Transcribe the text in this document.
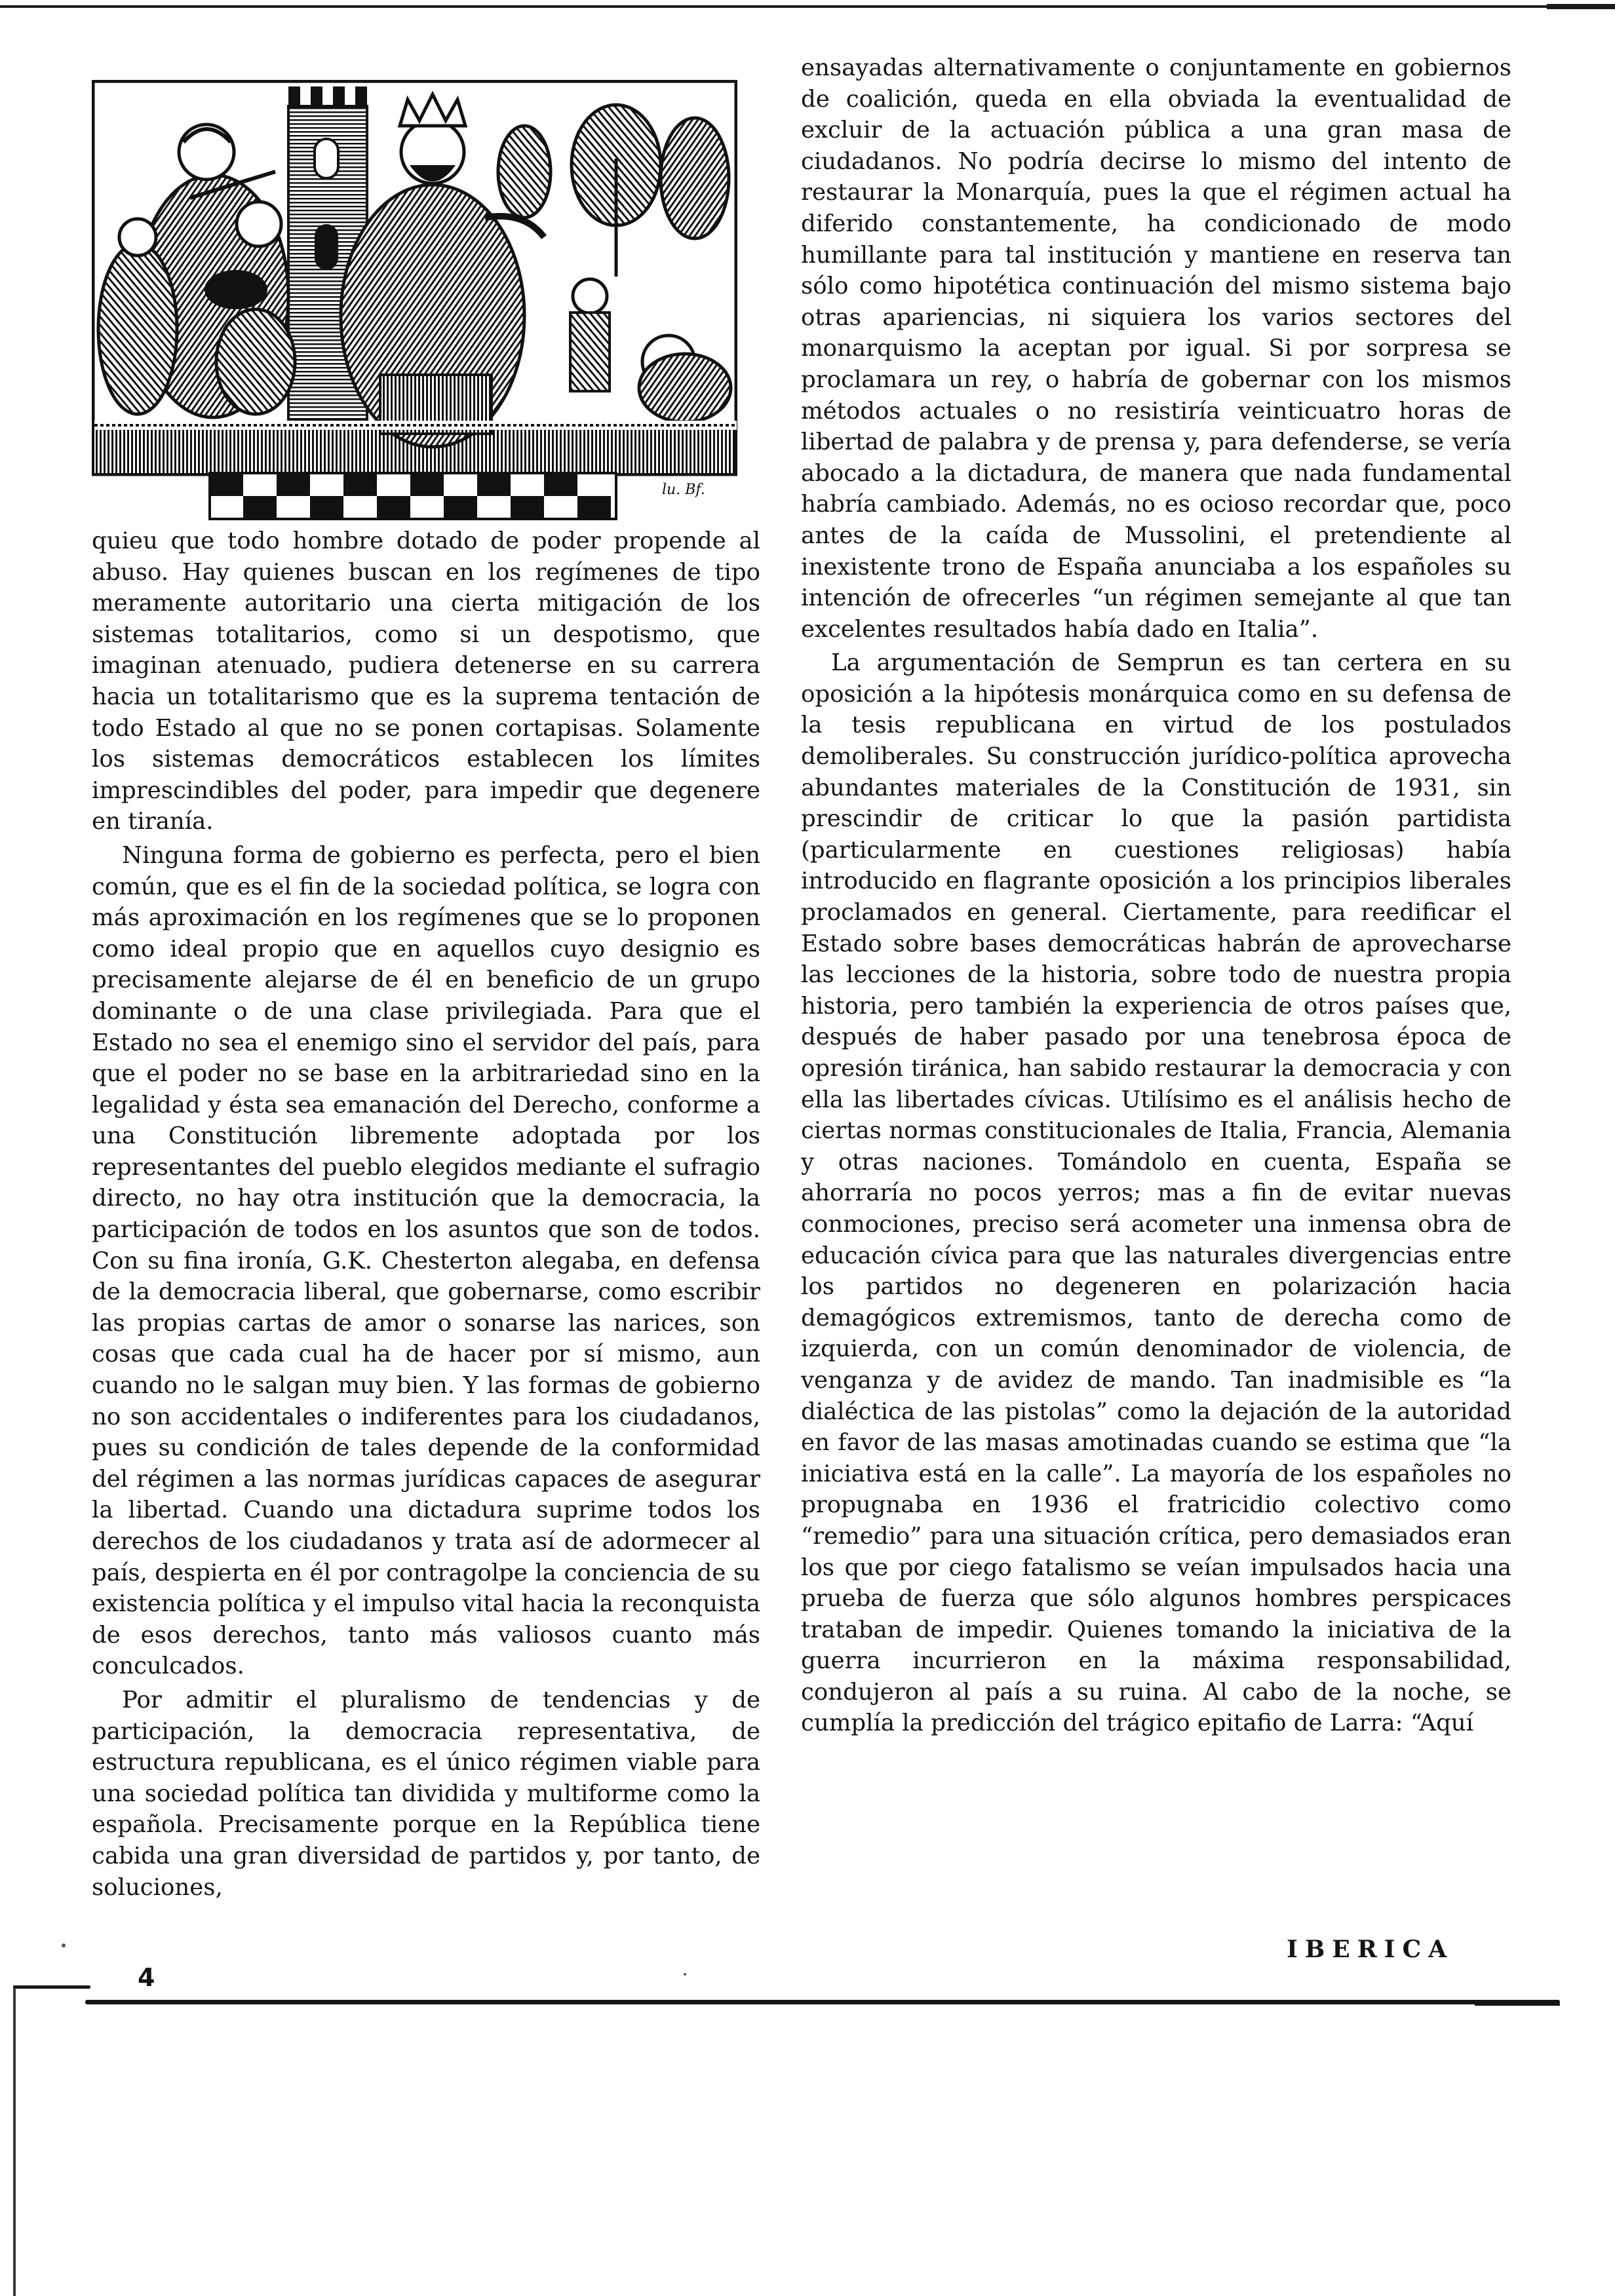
lu. Bf.

quieu que todo hombre dotado de poder propende al abuso. Hay quienes buscan en los regímenes de tipo meramente autoritario una cierta mitigación de los sistemas totalitarios, como si un despotismo, que imaginan atenuado, pudiera detenerse en su carrera hacia un totalitarismo que es la suprema tentación de todo Estado al que no se ponen cortapisas. Solamente los sistemas democráticos establecen los límites imprescindibles del poder, para impedir que degenere en tiranía.

Ninguna forma de gobierno es perfecta, pero el bien común, que es el fin de la sociedad política, se logra con más aproximación en los regímenes que se lo proponen como ideal propio que en aquellos cuyo designio es precisamente alejarse de él en beneficio de un grupo dominante o de una clase privilegiada. Para que el Estado no sea el enemigo sino el servidor del país, para que el poder no se base en la arbitrariedad sino en la legalidad y ésta sea emanación del Derecho, conforme a una Constitución libremente adoptada por los representantes del pueblo elegidos mediante el sufragio directo, no hay otra institución que la democracia, la participación de todos en los asuntos que son de todos. Con su fina ironía, G.K. Chesterton alegaba, en defensa de la democracia liberal, que gobernarse, como escribir las propias cartas de amor o sonarse las narices, son cosas que cada cual ha de hacer por sí mismo, aun cuando no le salgan muy bien. Y las formas de gobierno no son accidentales o indiferentes para los ciudadanos, pues su condición de tales depende de la conformidad del régimen a las normas jurídicas capaces de asegurar la libertad. Cuando una dictadura suprime todos los derechos de los ciudadanos y trata así de adormecer al país, despierta en él por contragolpe la conciencia de su existencia política y el impulso vital hacia la reconquista de esos derechos, tanto más valiosos cuanto más conculcados.

Por admitir el pluralismo de tendencias y de participación, la democracia representativa, de estructura republicana, es el único régimen viable para una sociedad política tan dividida y multiforme como la española. Precisamente porque en la República tiene cabida una gran diversidad de partidos y, por tanto, de soluciones,

ensayadas alternativamente o conjuntamente en gobiernos de coalición, queda en ella obviada la eventualidad de excluir de la actuación pública a una gran masa de ciudadanos. No podría decirse lo mismo del intento de restaurar la Monarquía, pues la que el régimen actual ha diferido constantemente, ha condicionado de modo humillante para tal institución y mantiene en reserva tan sólo como hipotética continuación del mismo sistema bajo otras apariencias, ni siquiera los varios sectores del monarquismo la aceptan por igual. Si por sorpresa se proclamara un rey, o habría de gobernar con los mismos métodos actuales o no resistiría veinticuatro horas de libertad de palabra y de prensa y, para defenderse, se vería abocado a la dictadura, de manera que nada fundamental habría cambiado. Además, no es ocioso recordar que, poco antes de la caída de Mussolini, el pretendiente al inexistente trono de España anunciaba a los españoles su intención de ofrecerles “un régimen semejante al que tan excelentes resultados había dado en Italia”.

La argumentación de Semprun es tan certera en su oposición a la hipótesis monárquica como en su defensa de la tesis republicana en virtud de los postulados demoliberales. Su construcción jurídico-política aprovecha abundantes materiales de la Constitución de 1931, sin prescindir de criticar lo que la pasión partidista (particularmente en cuestiones religiosas) había introducido en flagrante oposición a los principios liberales proclamados en general. Ciertamente, para reedificar el Estado sobre bases democráticas habrán de aprovecharse las lecciones de la historia, sobre todo de nuestra propia historia, pero también la experiencia de otros países que, después de haber pasado por una tenebrosa época de opresión tiránica, han sabido restaurar la democracia y con ella las libertades cívicas. Utilísimo es el análisis hecho de ciertas normas constitucionales de Italia, Francia, Alemania y otras naciones. Tomándolo en cuenta, España se ahorraría no pocos yerros; mas a fin de evitar nuevas conmociones, preciso será acometer una inmensa obra de educación cívica para que las naturales divergencias entre los partidos no degeneren en polarización hacia demagógicos extremismos, tanto de derecha como de izquierda, con un común denominador de violencia, de venganza y de avidez de mando. Tan inadmisible es “la dialéctica de las pistolas” como la dejación de la autoridad en favor de las masas amotinadas cuando se estima que “la iniciativa está en la calle”. La mayoría de los españoles no propugnaba en 1936 el fratricidio colectivo como “remedio” para una situación crítica, pero demasiados eran los que por ciego fatalismo se veían impulsados hacia una prueba de fuerza que sólo algunos hombres perspicaces trataban de impedir. Quienes tomando la iniciativa de la guerra incurrieron en la máxima responsabilidad, condujeron al país a su ruina. Al cabo de la noche, se cumplía la predicción del trágico epitafio de Larra: “Aquí

4
IBERICA
